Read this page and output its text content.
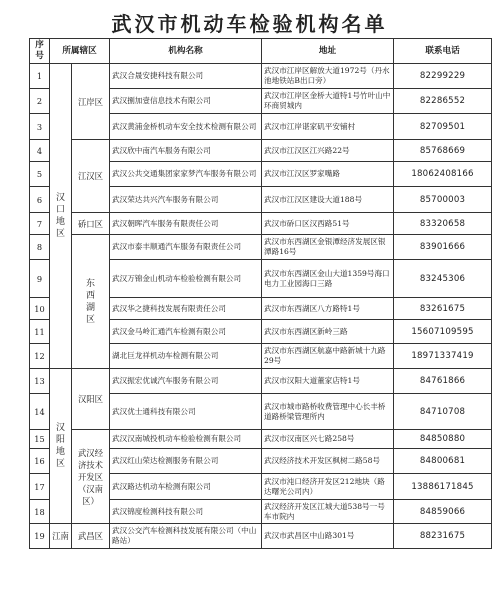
武汉市机动车检验机构名单
序号	所属辖区		机构名称	地址	联系电话
1	汉口地区	江岸区	武汉合晟安捷科技有限公司	武汉市江岸区解放大道1972号（丹水池地铁站B出口旁）	82299229
2			武汉捌加壹信息技术有限公司	武汉市江岸区金桥大道特1号竹叶山中环商贸城内	82286552
3			武汉黄浦金桥机动车安全技术检测有限公司	武汉市江岸谌家矶平安铺村	82709501
4		江汉区	武汉欣中南汽车服务有限公司	武汉市江汉区江兴路22号	85768669
5			武汉公共交通集团家家梦汽车服务有限公司	武汉市江汉区罗家嘴路	18062408166
6			武汉荣达共兴汽车服务有限公司	武汉市江汉区建设大道188号	85700003
7		硚口区	武汉朝晖汽车服务有限责任公司	武汉市硚口区汉西路51号	83320658
8		东西湖区	武汉市泰丰顺通汽车服务有限责任公司	武汉市东西湖区金银潭经济发展区银潭路16号	83901666
9			武汉万锦金山机动车检验检测有限公司	武汉市东西湖区金山大道1359号海口电力工业园海口三路	83245306
10			武汉华之捷科技发展有限责任公司	武汉市东西湖区八方路特1号	83261675
11			武汉金马岭汇通汽车检测有限公司	武汉市东西湖区新岭三路	15607109595
12			湖北巨龙祥机动车检测有限公司	武汉市东西湖区航嘉中路新城十九路29号	18971337419
13	汉阳地区	汉阳区	武汉振宏优诚汽车服务有限公司	武汉市汉阳大道董家店特1号	84761866
14			武汉优士通科技有限公司	武汉市城市路桥收费管理中心长丰桥道路桥梁管理所内	84710708
15		武汉经济技术开发区（汉南区）	武汉汉南城投机动车检验检测有限公司	武汉市汉南区兴七路258号	84850880
16			武汉红山荣达检测服务有限公司	武汉经济技术开发区枫树二路58号	84800681
17			武汉路达机动车检测有限公司	武汉市沌口经济开发区212地块（路达曙光公司内）	13886171845
18			武汉锦度检测科技有限公司	武汉经济开发区江城大道538号一号车市院内	84859066
19	江南	武昌区	武汉公交汽车检测科技发展有限公司（中山路站）	武汉市武昌区中山路301号	88231675
